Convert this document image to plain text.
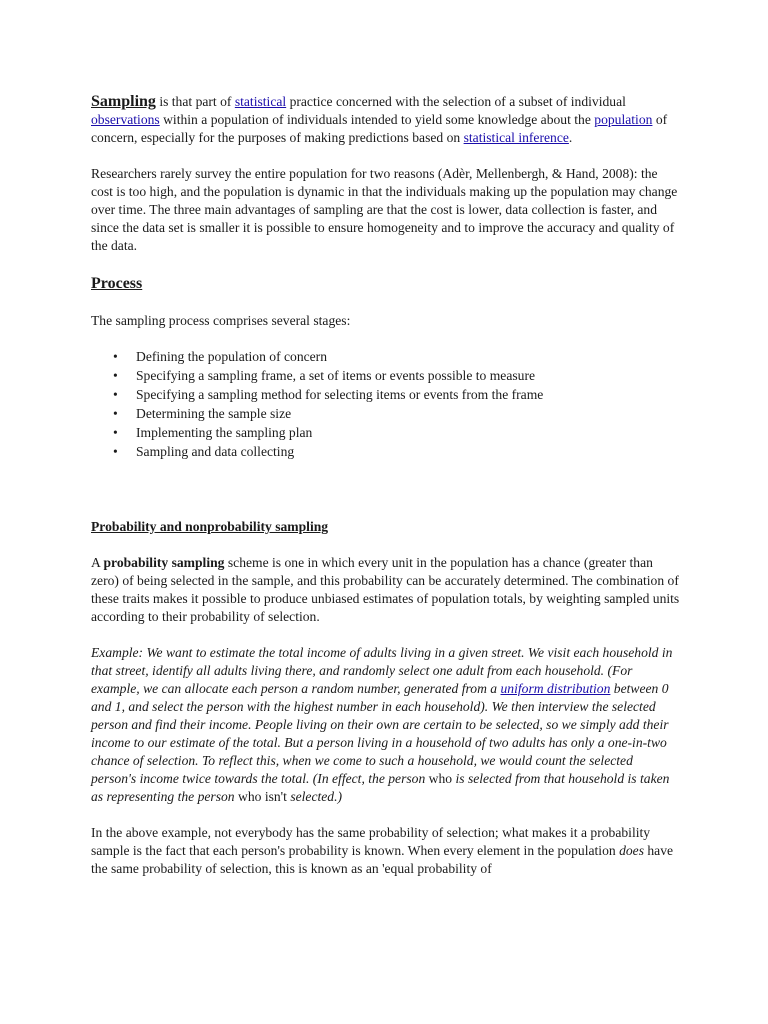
Sampling is that part of statistical practice concerned with the selection of a subset of individual observations within a population of individuals intended to yield some knowledge about the population of concern, especially for the purposes of making predictions based on statistical inference.

Researchers rarely survey the entire population for two reasons (Adèr, Mellenbergh, & Hand, 2008): the cost is too high, and the population is dynamic in that the individuals making up the population may change over time. The three main advantages of sampling are that the cost is lower, data collection is faster, and since the data set is smaller it is possible to ensure homogeneity and to improve the accuracy and quality of the data.

Process

The sampling process comprises several stages:

• Defining the population of concern
• Specifying a sampling frame, a set of items or events possible to measure
• Specifying a sampling method for selecting items or events from the frame
• Determining the sample size
• Implementing the sampling plan
• Sampling and data collecting
Probability and nonprobability sampling

A probability sampling scheme is one in which every unit in the population has a chance (greater than zero) of being selected in the sample, and this probability can be accurately determined. The combination of these traits makes it possible to produce unbiased estimates of population totals, by weighting sampled units according to their probability of selection.

Example: We want to estimate the total income of adults living in a given street. We visit each household in that street, identify all adults living there, and randomly select one adult from each household. (For example, we can allocate each person a random number, generated from a uniform distribution between 0 and 1, and select the person with the highest number in each household). We then interview the selected person and find their income. People living on their own are certain to be selected, so we simply add their income to our estimate of the total. But a person living in a household of two adults has only a one-in-two chance of selection. To reflect this, when we come to such a household, we would count the selected person's income twice towards the total. (In effect, the person who is selected from that household is taken as representing the person who isn't selected.)

In the above example, not everybody has the same probability of selection; what makes it a probability sample is the fact that each person's probability is known. When every element in the population does have the same probability of selection, this is known as an 'equal probability of
